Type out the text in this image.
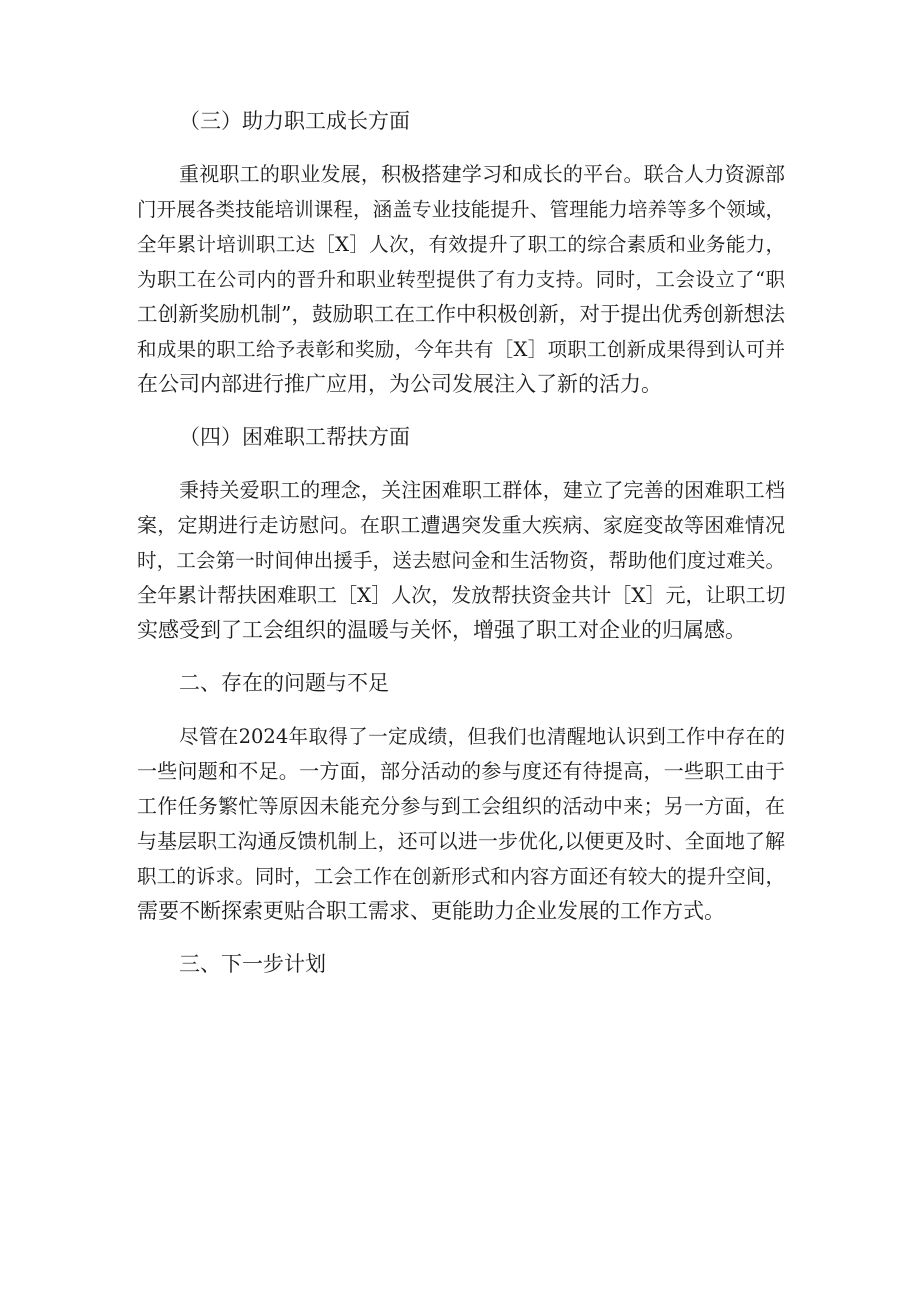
（三）助力职工成长方面
重视职工的职业发展，积极搭建学习和成长的平台。联合人力资源部
门开展各类技能培训课程，涵盖专业技能提升、管理能力培养等多个领域，
全年累计培训职工达［X］人次，有效提升了职工的综合素质和业务能力，
为职工在公司内的晋升和职业转型提供了有力支持。同时，工会设立了“职
工创新奖励机制”，鼓励职工在工作中积极创新，对于提出优秀创新想法
和成果的职工给予表彰和奖励，今年共有［X］项职工创新成果得到认可并
在公司内部进行推广应用，为公司发展注入了新的活力。
（四）困难职工帮扶方面
秉持关爱职工的理念，关注困难职工群体，建立了完善的困难职工档
案，定期进行走访慰问。在职工遭遇突发重大疾病、家庭变故等困难情况
时，工会第一时间伸出援手，送去慰问金和生活物资，帮助他们度过难关。
全年累计帮扶困难职工［X］人次，发放帮扶资金共计［X］元，让职工切
实感受到了工会组织的温暖与关怀，增强了职工对企业的归属感。
二、存在的问题与不足
尽管在2024年取得了一定成绩，但我们也清醒地认识到工作中存在的
一些问题和不足。一方面，部分活动的参与度还有待提高，一些职工由于
工作任务繁忙等原因未能充分参与到工会组织的活动中来；另一方面，在
与基层职工沟通反馈机制上，还可以进一步优化,以便更及时、全面地了解
职工的诉求。同时，工会工作在创新形式和内容方面还有较大的提升空间，
需要不断探索更贴合职工需求、更能助力企业发展的工作方式。
三、下一步计划
